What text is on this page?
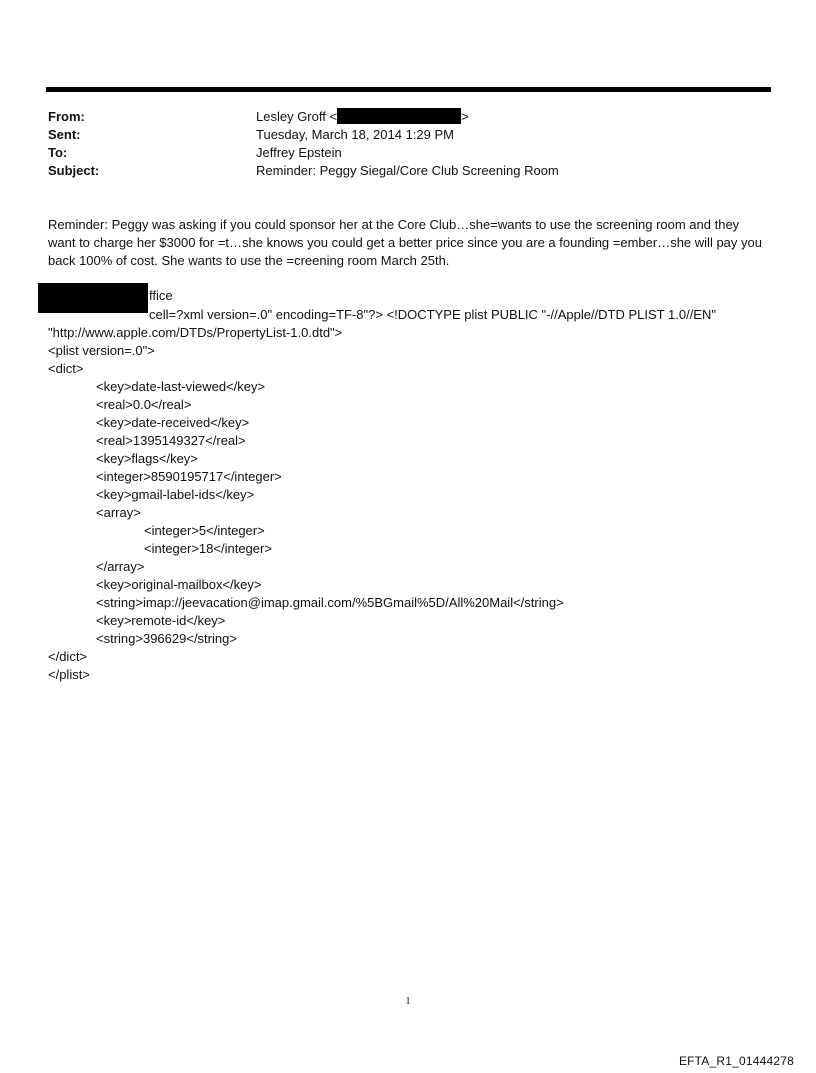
From:	Lesley Groff <	>
Sent:	Tuesday, March 18, 2014 1:29 PM
To:	Jeffrey Epstein
Subject:	Reminder: Peggy Siegal/Core Club Screening Room

Reminder: Peggy was asking if you could sponsor her at the Core Club…she=wants to use the screening room and they want to charge her $3000 for =t…she knows you could get a better price since you are a founding =ember…she will pay you back 100% of cost. She wants to use the =creening room March 25th.

ffice
cell=?xml version=.0" encoding=TF-8"?> <!DOCTYPE plist PUBLIC "-//Apple//DTD PLIST 1.0//EN"
"http://www.apple.com/DTDs/PropertyList-1.0.dtd">
<plist version=.0">
<dict>
<key>date-last-viewed</key>
<real>0.0</real>
<key>date-received</key>
<real>1395149327</real>
<key>flags</key>
<integer>8590195717</integer>
<key>gmail-label-ids</key>
<array>
<integer>5</integer>
<integer>18</integer>
</array>
<key>original-mailbox</key>
<string>imap://jeevacation@imap.gmail.com/%5BGmail%5D/All%20Mail</string>
<key>remote-id</key>
<string>396629</string>
</dict>
</plist>
1
EFTA_R1_01444278
